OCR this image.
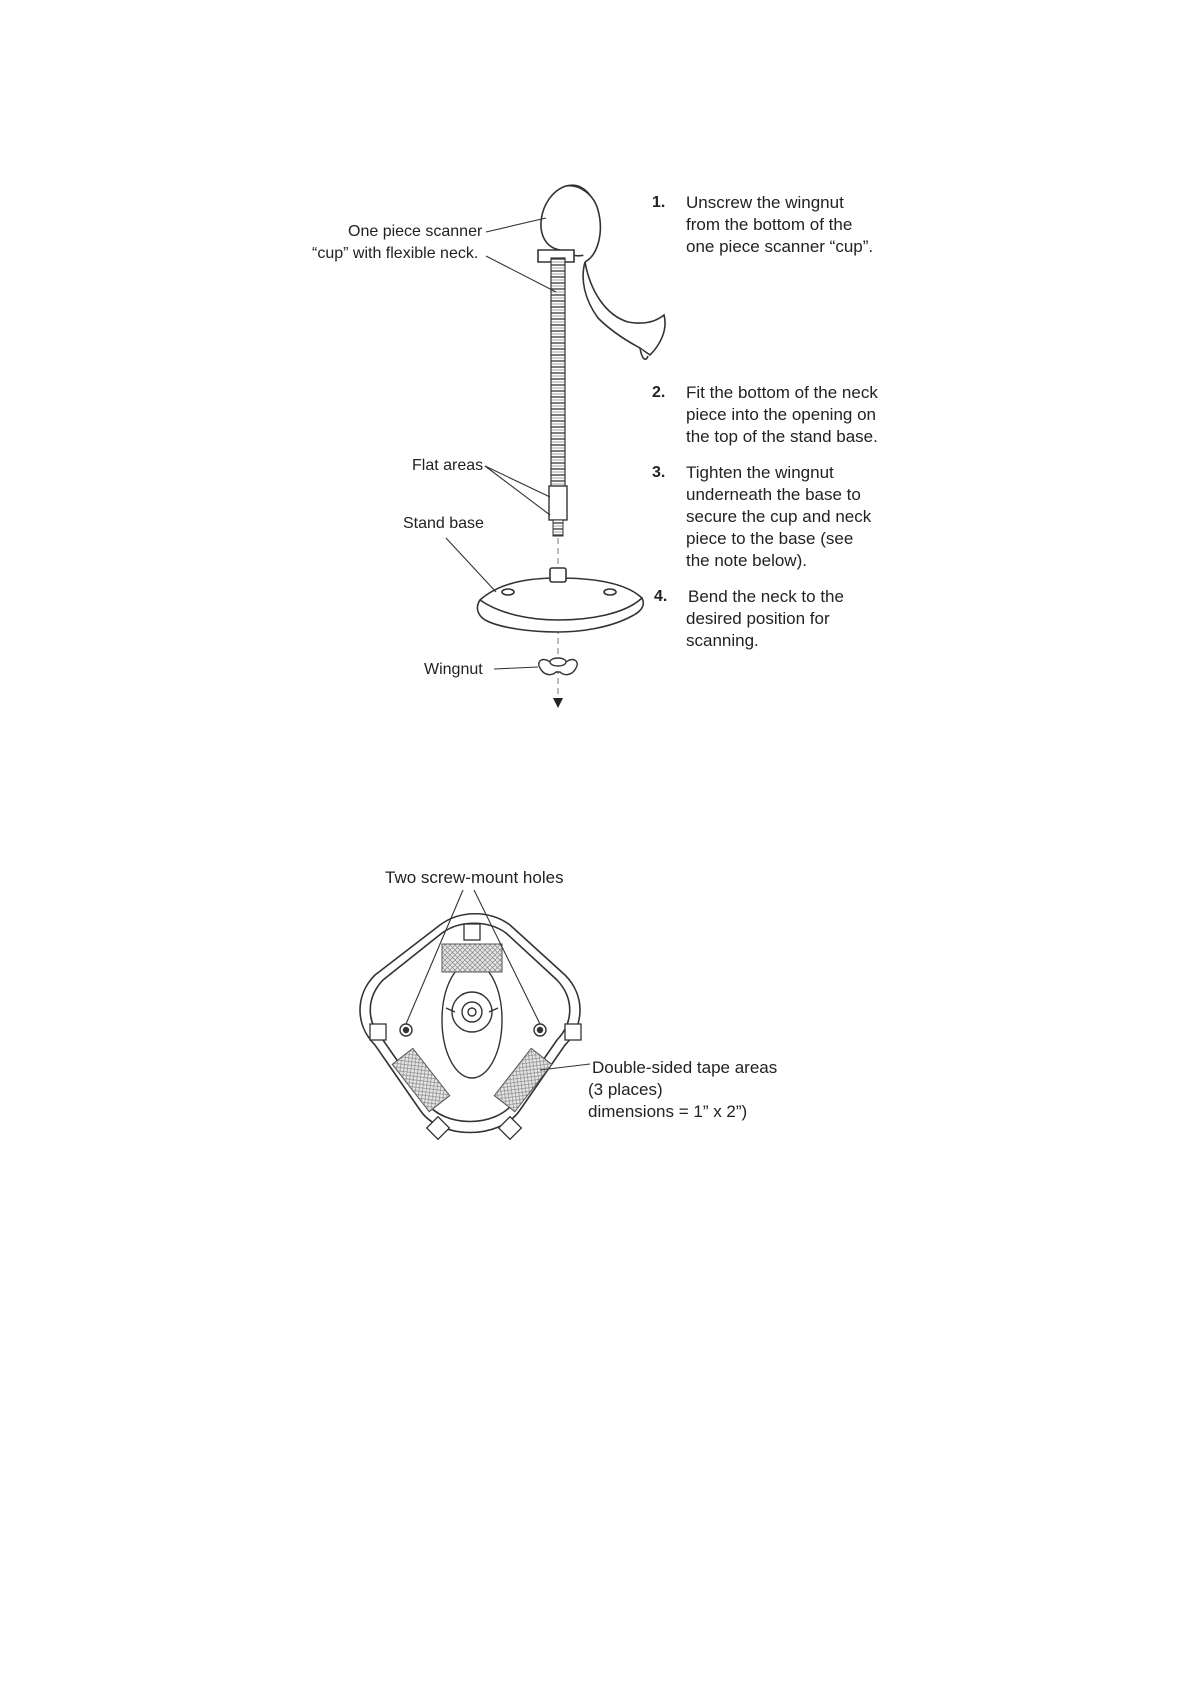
One piece scanner
“cup” with flexible neck.
Flat areas
Stand base
Wingnut
1. Unscrew the wingnut
from the bottom of the
one piece scanner “cup”.
2. Fit the bottom of the neck
piece into the opening on
the top of the stand base.
3. Tighten the wingnut
underneath the base to
secure the cup and neck
piece to the base (see
the note below).
4. Bend the neck to the
desired position for
scanning.
Two screw-mount holes
Double-sided tape areas
(3 places)
dimensions = 1” x 2”)
